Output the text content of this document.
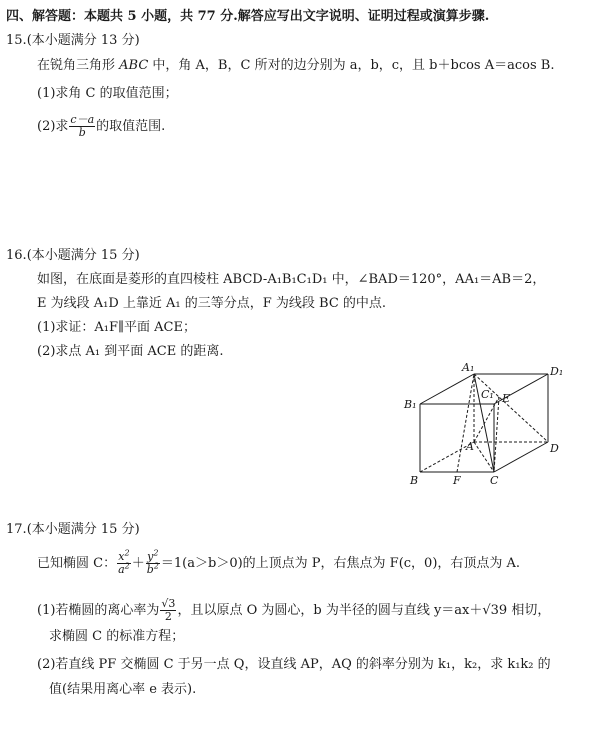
四、解答题：本题共 5 小题，共 77 分.解答应写出文字说明、证明过程或演算步骤.
15.(本小题满分 13 分)
在锐角三角形 ABC 中，角 A，B，C 所对的边分别为 a，b，c，且 b＋bcos A＝acos B.
(1)求角 C 的取值范围；
(2)求 $\frac{c-a}{b}$ 的取值范围.
16.(本小题满分 15 分)
如图，在底面是菱形的直四棱柱 ABCD-A₁B₁C₁D₁ 中，∠BAD＝120°，AA₁＝AB＝2，
E 为线段 A₁D 上靠近 A₁ 的三等分点，F 为线段 BC 的中点.
(1)求证：A₁F∥平面 ACE；
(2)求点 A₁ 到平面 ACE 的距离.
A₁	D₁
B₁
C₁ E
A	D
B	F	C
17.(本小题满分 15 分)
已知椭圆 C： $\frac{x^2}{a^2} + \frac{y^2}{b^2} =1(a>b>0)$的上顶点为 P，右焦点为 F(c，0)，右顶点为 A.
(1)若椭圆的离心率为 $\frac{√3}{2}$ ，且以原点 O 为圆心，b 为半径的圆与直线 y＝ax＋√39 相切，
求椭圆 C 的标准方程；
(2)若直线 PF 交椭圆 C 于另一点 Q，设直线 AP，AQ 的斜率分别为 k₁，k₂，求 k₁k₂ 的
值(结果用离心率 e 表示).
